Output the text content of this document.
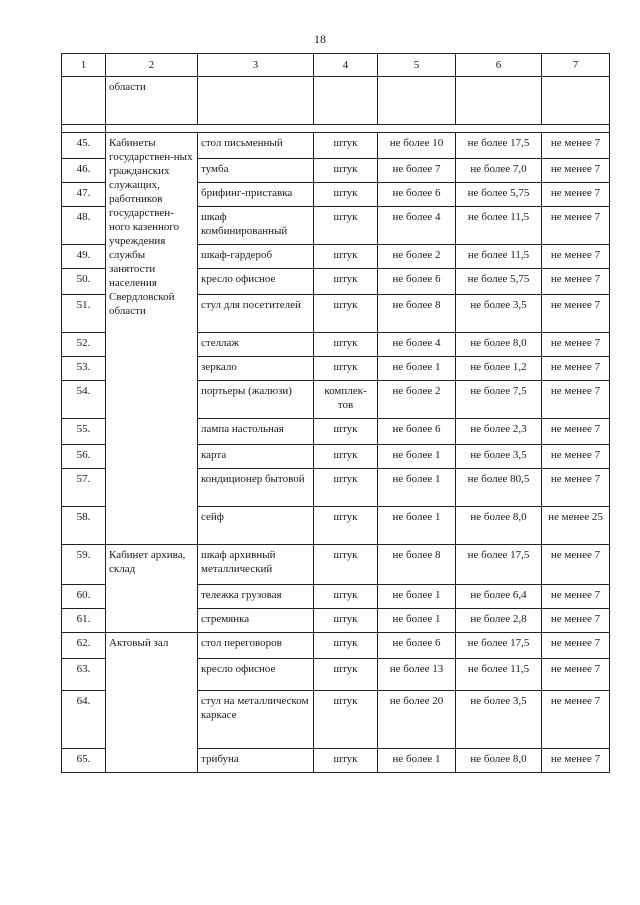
18
1	2	3	4	5	6	7
	области					

45.	Кабинеты государствен-ных гражданских служащих, работников государствен-ного казенного учреждения службы занятости населения Свердловской области	стол письменный	штук	не более 10	не более 17,5	не менее 7
46.		тумба	штук	не более 7	не более 7,0	не менее 7
47.		брифинг-приставка	штук	не более 6	не более 5,75	не менее 7
48.		шкаф комбинированный	штук	не более 4	не более 11,5	не менее 7
49.		шкаф-гардероб	штук	не более 2	не более 11,5	не менее 7
50.		кресло офисное	штук	не более 6	не более 5,75	не менее 7
51.		стул для посетителей	штук	не более 8	не более 3,5	не менее 7
52.		стеллаж	штук	не более 4	не более 8,0	не менее 7
53.		зеркало	штук	не более 1	не более 1,2	не менее 7
54.		портьеры (жалюзи)	комплек-тов	не более 2	не более 7,5	не менее 7
55.		лампа настольная	штук	не более 6	не более 2,3	не менее 7
56.		карта	штук	не более 1	не более 3,5	не менее 7
57.		кондиционер бытовой	штук	не более 1	не более 80,5	не менее 7
58.		сейф	штук	не более 1	не более 8,0	не менее 25
59.	Кабинет архива, склад	шкаф архивный металлический	штук	не более 8	не более 17,5	не менее 7
60.		тележка грузовая	штук	не более 1	не более 6,4	не менее 7
61.		стремянка	штук	не более 1	не более 2,8	не менее 7
62.	Актовый зал	стол переговоров	штук	не более 6	не более 17,5	не менее 7
63.		кресло офисное	штук	не более 13	не более 11,5	не менее 7
64.		стул на металлическом каркасе	штук	не более 20	не более 3,5	не менее 7
65.		трибуна	штук	не более 1	не более 8,0	не менее 7
